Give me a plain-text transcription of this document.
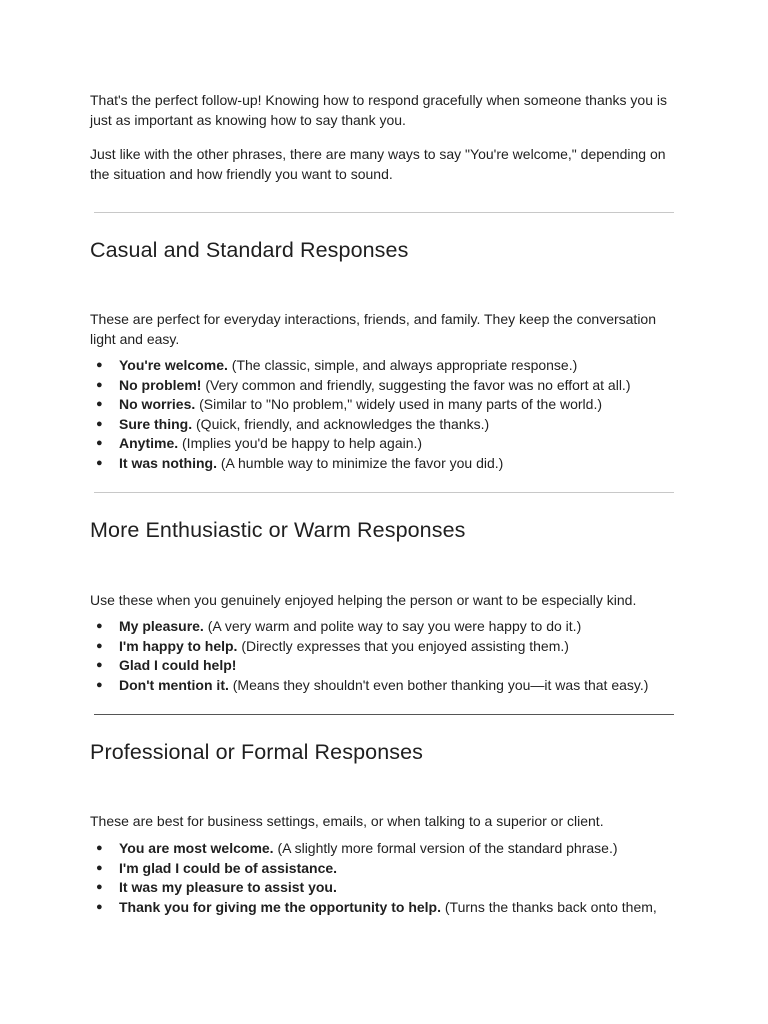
That's the perfect follow-up! Knowing how to respond gracefully when someone thanks you is just as important as knowing how to say thank you.

Just like with the other phrases, there are many ways to say "You're welcome," depending on the situation and how friendly you want to sound.

Casual and Standard Responses

These are perfect for everyday interactions, friends, and family. They keep the conversation light and easy.

● You're welcome. (The classic, simple, and always appropriate response.)
● No problem! (Very common and friendly, suggesting the favor was no effort at all.)
● No worries. (Similar to "No problem," widely used in many parts of the world.)
● Sure thing. (Quick, friendly, and acknowledges the thanks.)
● Anytime. (Implies you'd be happy to help again.)
● It was nothing. (A humble way to minimize the favor you did.)
More Enthusiastic or Warm Responses

Use these when you genuinely enjoyed helping the person or want to be especially kind.

● My pleasure. (A very warm and polite way to say you were happy to do it.)
● I'm happy to help. (Directly expresses that you enjoyed assisting them.)
● Glad I could help!
● Don't mention it. (Means they shouldn't even bother thanking you—it was that easy.)
Professional or Formal Responses

These are best for business settings, emails, or when talking to a superior or client.

● You are most welcome. (A slightly more formal version of the standard phrase.)
● I'm glad I could be of assistance.
● It was my pleasure to assist you.
● Thank you for giving me the opportunity to help. (Turns the thanks back onto them,
